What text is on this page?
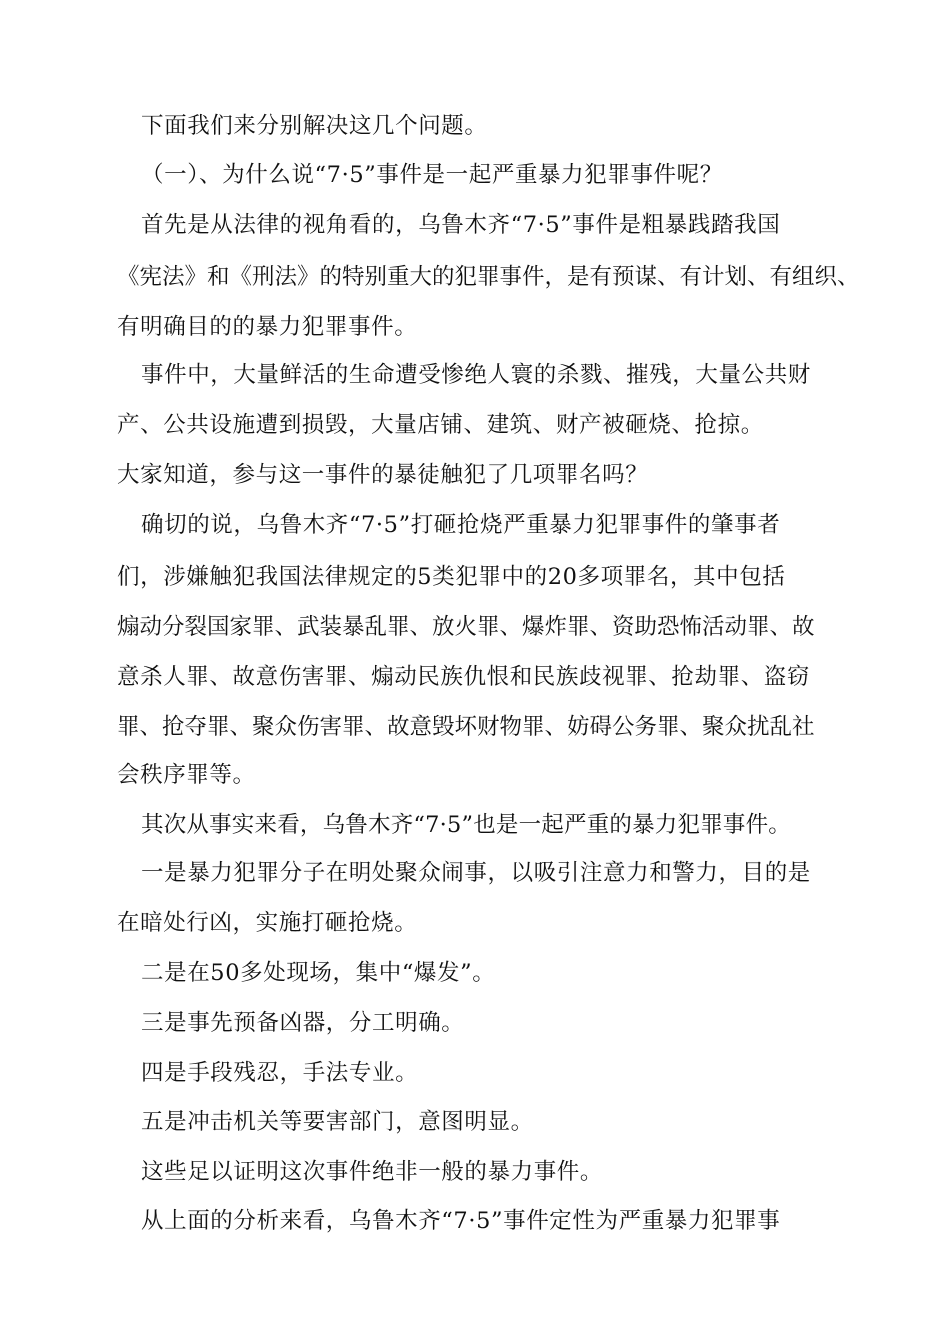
下面我们来分别解决这几个问题。
（一）、为什么说“7·5”事件是一起严重暴力犯罪事件呢？
首先是从法律的视角看的，乌鲁木齐“7·5”事件是粗暴践踏我国
《宪法》和《刑法》的特别重大的犯罪事件，是有预谋、有计划、有组织、
有明确目的的暴力犯罪事件。
事件中，大量鲜活的生命遭受惨绝人寰的杀戮、摧残，大量公共财
产、公共设施遭到损毁，大量店铺、建筑、财产被砸烧、抢掠。
大家知道，参与这一事件的暴徒触犯了几项罪名吗？
确切的说，乌鲁木齐“7·5”打砸抢烧严重暴力犯罪事件的肇事者
们，涉嫌触犯我国法律规定的5类犯罪中的20多项罪名，其中包括
煽动分裂国家罪、武装暴乱罪、放火罪、爆炸罪、资助恐怖活动罪、故
意杀人罪、故意伤害罪、煽动民族仇恨和民族歧视罪、抢劫罪、盗窃
罪、抢夺罪、聚众伤害罪、故意毁坏财物罪、妨碍公务罪、聚众扰乱社
会秩序罪等。
其次从事实来看，乌鲁木齐“7·5”也是一起严重的暴力犯罪事件。
一是暴力犯罪分子在明处聚众闹事，以吸引注意力和警力，目的是
在暗处行凶，实施打砸抢烧。
二是在50多处现场，集中“爆发”。
三是事先预备凶器，分工明确。
四是手段残忍，手法专业。
五是冲击机关等要害部门，意图明显。
这些足以证明这次事件绝非一般的暴力事件。
从上面的分析来看，乌鲁木齐“7·5”事件定性为严重暴力犯罪事
